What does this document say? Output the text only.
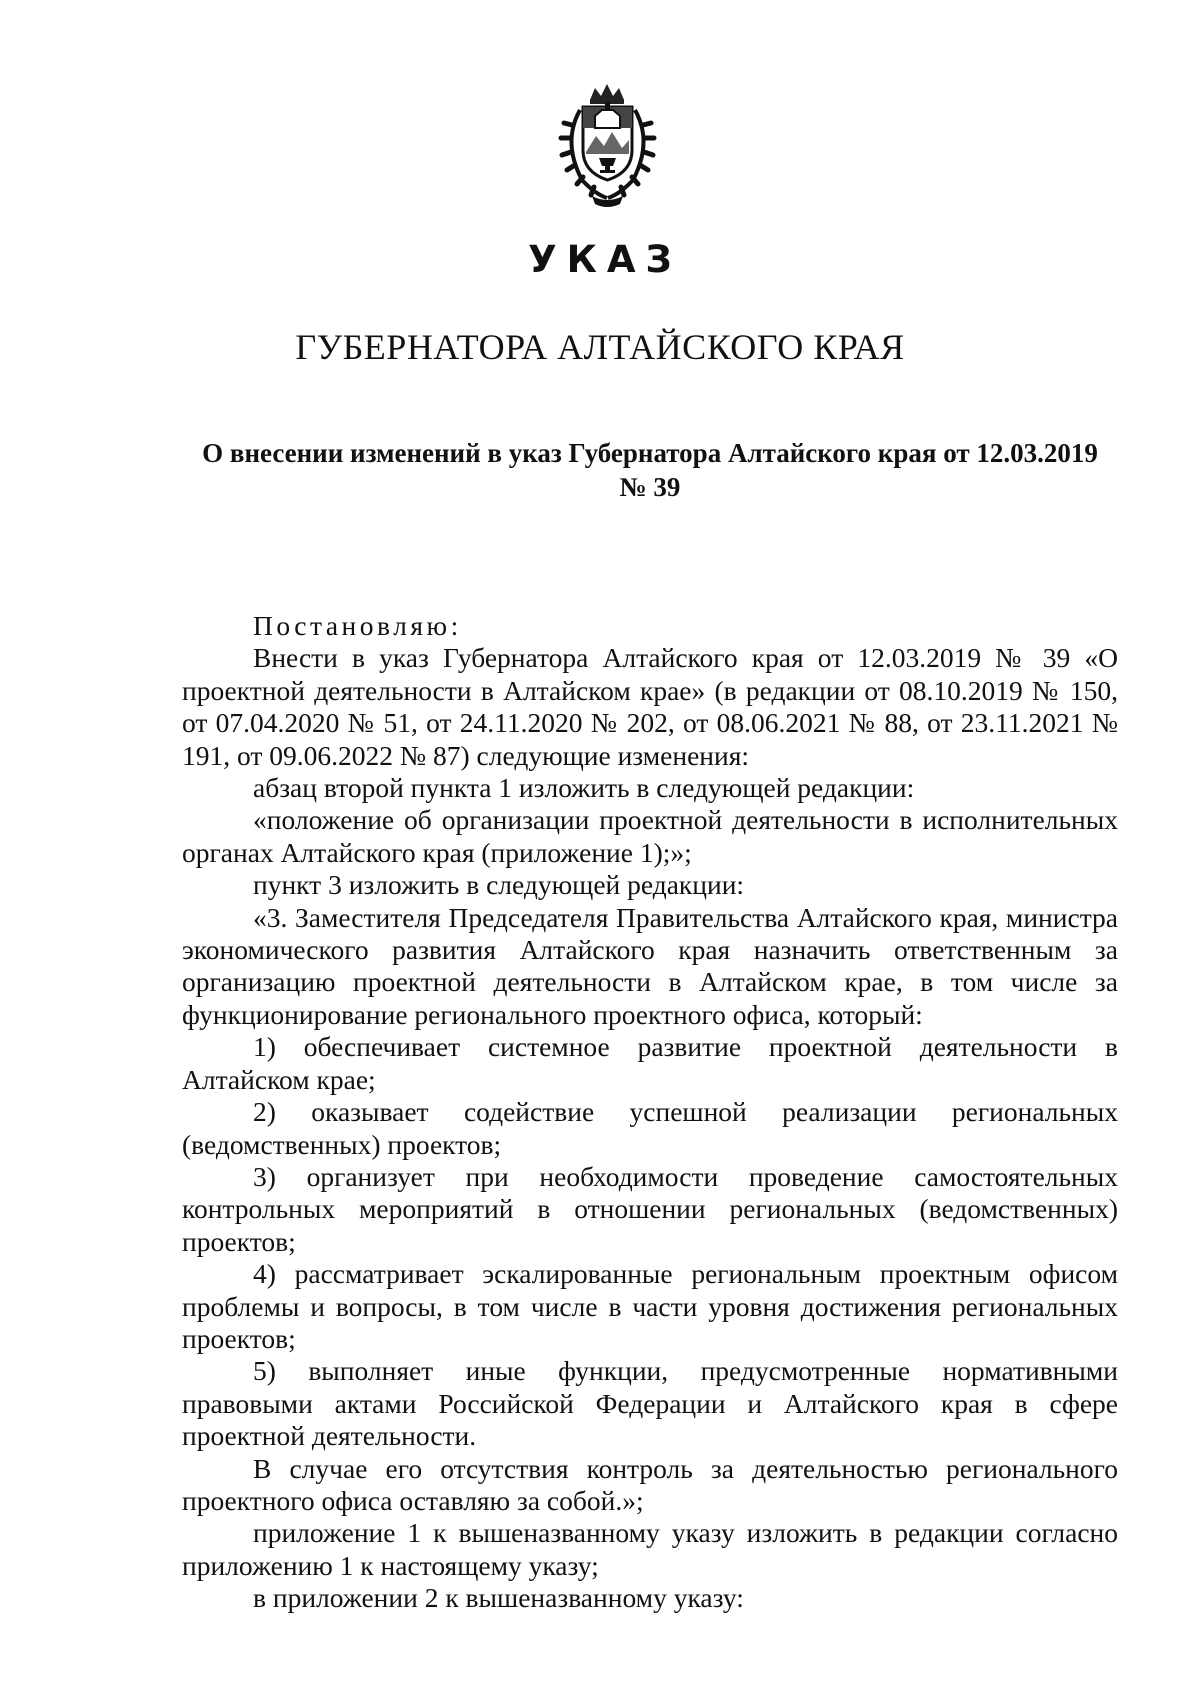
УКАЗ
ГУБЕРНАТОРА АЛТАЙСКОГО КРАЯ
О внесении изменений в указ Губернатора Алтайского края от 12.03.2019
№ 39

Постановляю:

Внести в указ Губернатора Алтайского края от 12.03.2019 № 39 «О проектной деятельности в Алтайском крае» (в редакции от 08.10.2019 № 150, от 07.04.2020 № 51, от 24.11.2020 № 202, от 08.06.2021 № 88, от 23.11.2021 № 191, от 09.06.2022 № 87) следующие изменения:

абзац второй пункта 1 изложить в следующей редакции:

«положение об организации проектной деятельности в исполнительных органах Алтайского края (приложение 1);»;

пункт 3 изложить в следующей редакции:

«3. Заместителя Председателя Правительства Алтайского края, министра экономического развития Алтайского края назначить ответственным за организацию проектной деятельности в Алтайском крае, в том числе за функционирование регионального проектного офиса, который:

1) обеспечивает системное развитие проектной деятельности в Алтайском крае;

2) оказывает содействие успешной реализации региональных (ведомственных) проектов;

3) организует при необходимости проведение самостоятельных контрольных мероприятий в отношении региональных (ведомственных) проектов;

4) рассматривает эскалированные региональным проектным офисом проблемы и вопросы, в том числе в части уровня достижения региональных проектов;

5) выполняет иные функции, предусмотренные нормативными правовыми актами Российской Федерации и Алтайского края в сфере проектной деятельности.

В случае его отсутствия контроль за деятельностью регионального проектного офиса оставляю за собой.»;

приложение 1 к вышеназванному указу изложить в редакции согласно приложению 1 к настоящему указу;

в приложении 2 к вышеназванному указу:
